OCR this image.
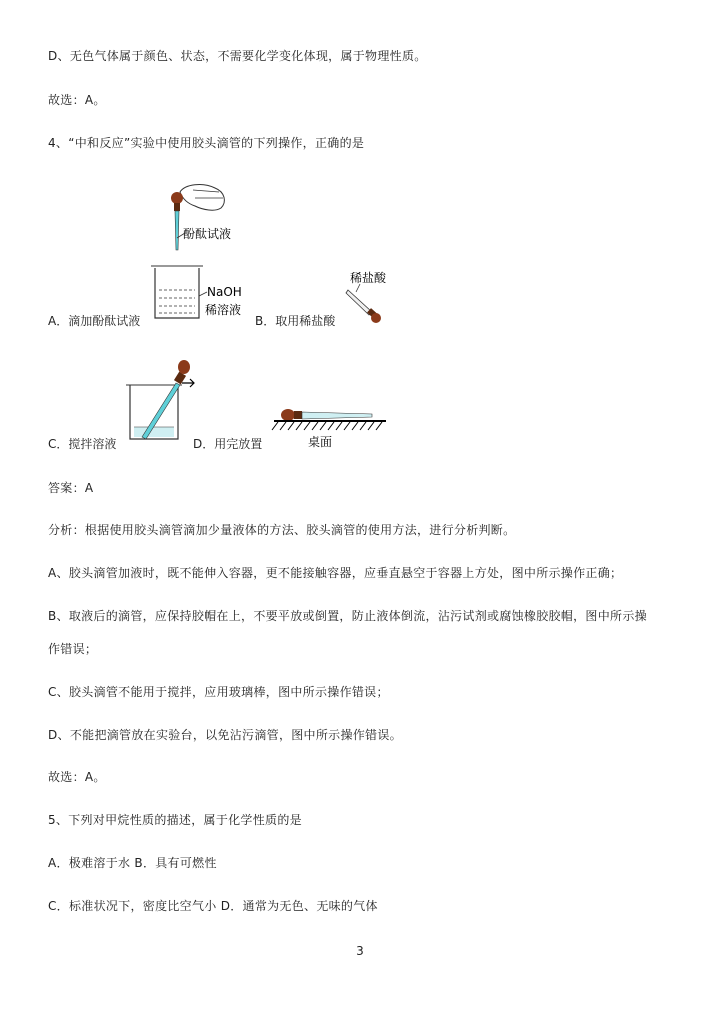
D、无色气体属于颜色、状态，不需要化学变化体现，属于物理性质。
故选：A。
4、“中和反应”实验中使用胶头滴管的下列操作，正确的是
酚酞试液
NaOH
稀溶液
A．滴加酚酞试液	B．取用稀盐酸
稀盐酸
C．搅拌溶液	D．用完放置	桌面
答案：A
分析：根据使用胶头滴管滴加少量液体的方法、胶头滴管的使用方法，进行分析判断。
A、胶头滴管加液时，既不能伸入容器，更不能接触容器，应垂直悬空于容器上方处，图中所示操作正确；
B、取液后的滴管，应保持胶帽在上，不要平放或倒置，防止液体倒流，沾污试剂或腐蚀橡胶胶帽，图中所示操
作错误；
C、胶头滴管不能用于搅拌，应用玻璃棒，图中所示操作错误；
D、不能把滴管放在实验台，以免沾污滴管，图中所示操作错误。
故选：A。
5、下列对甲烷性质的描述，属于化学性质的是
A．极难溶于水 B．具有可燃性
C．标准状况下，密度比空气小 D．通常为无色、无味的气体
3
